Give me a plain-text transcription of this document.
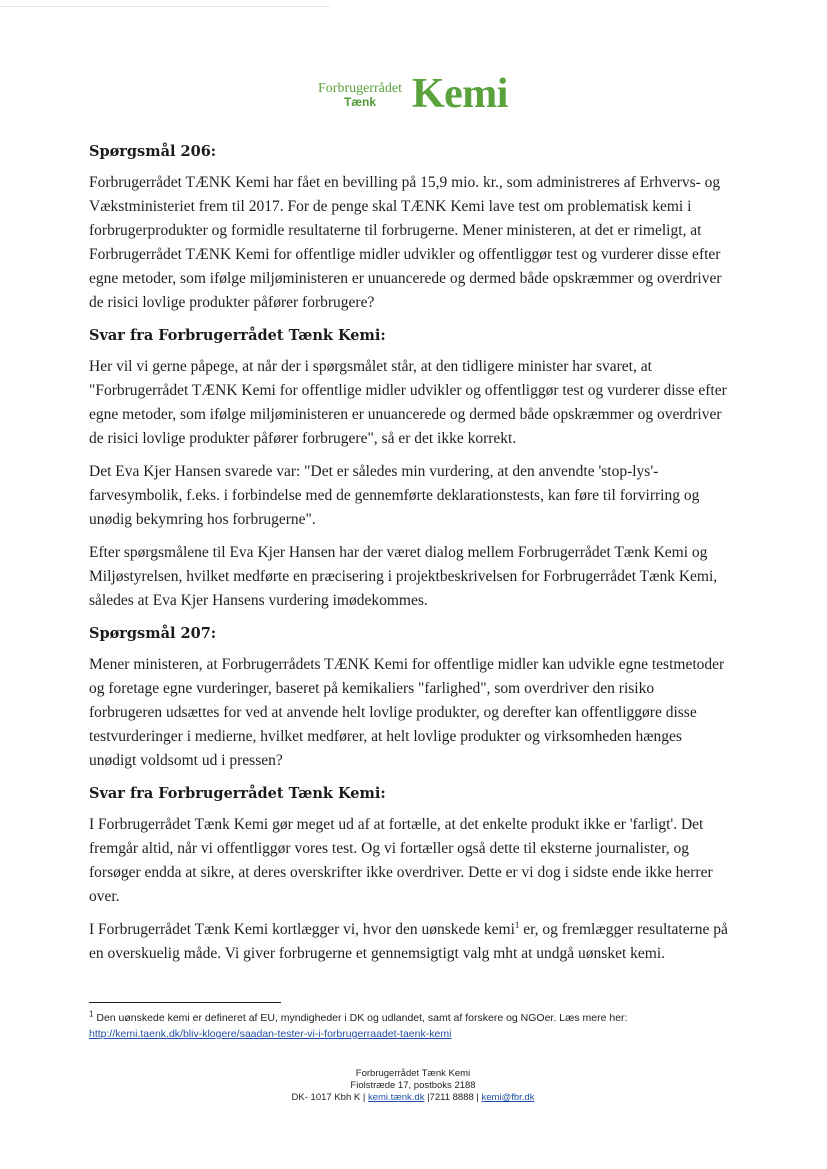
Forbrugerrådet
Tænk Kemi
Spørgsmål 206:

Forbrugerrådet TÆNK Kemi har fået en bevilling på 15,9 mio. kr., som administreres af Erhvervs- og Vækstministeriet frem til 2017. For de penge skal TÆNK Kemi lave test om problematisk kemi i forbrugerprodukter og formidle resultaterne til forbrugerne. Mener ministeren, at det er rimeligt, at Forbrugerrådet TÆNK Kemi for offentlige midler udvikler og offentliggør test og vurderer disse efter egne metoder, som ifølge miljøministeren er unuancerede og dermed både opskræmmer og overdriver de risici lovlige produkter påfører forbrugere?

Svar fra Forbrugerrådet Tænk Kemi:

Her vil vi gerne påpege, at når der i spørgsmålet står, at den tidligere minister har svaret, at "Forbrugerrådet TÆNK Kemi for offentlige midler udvikler og offentliggør test og vurderer disse efter egne metoder, som ifølge miljøministeren er unuancerede og dermed både opskræmmer og overdriver de risici lovlige produkter påfører forbrugere", så er det ikke korrekt.

Det Eva Kjer Hansen svarede var: "Det er således min vurdering, at den anvendte 'stop-lys'-farvesymbolik, f.eks. i forbindelse med de gennemførte deklarationstests, kan føre til forvirring og unødig bekymring hos forbrugerne".

Efter spørgsmålene til Eva Kjer Hansen har der været dialog mellem Forbrugerrådet Tænk Kemi og Miljøstyrelsen, hvilket medførte en præcisering i projektbeskrivelsen for Forbrugerrådet Tænk Kemi, således at Eva Kjer Hansens vurdering imødekommes.

Spørgsmål 207:

Mener ministeren, at Forbrugerrådets TÆNK Kemi for offentlige midler kan udvikle egne testmetoder og foretage egne vurderinger, baseret på kemikaliers "farlighed", som overdriver den risiko forbrugeren udsættes for ved at anvende helt lovlige produkter, og derefter kan offentliggøre disse testvurderinger i medierne, hvilket medfører, at helt lovlige produkter og virksomheden hænges unødigt voldsomt ud i pressen?

Svar fra Forbrugerrådet Tænk Kemi:

I Forbrugerrådet Tænk Kemi gør meget ud af at fortælle, at det enkelte produkt ikke er 'farligt'. Det fremgår altid, når vi offentliggør vores test. Og vi fortæller også dette til eksterne journalister, og forsøger endda at sikre, at deres overskrifter ikke overdriver. Dette er vi dog i sidste ende ikke herrer over.

I Forbrugerrådet Tænk Kemi kortlægger vi, hvor den uønskede kemi$^1$ er, og fremlægger resultaterne på en overskuelig måde. Vi giver forbrugerne et gennemsigtigt valg mht at undgå uønsket kemi.

$^1$ Den uønskede kemi er defineret af EU, myndigheder i DK og udlandet, samt af forskere og NGOer. Læs mere her:
http://kemi.taenk.dk/bliv-klogere/saadan-tester-vi-i-forbrugerraadet-taenk-kemi
Forbrugerrådet Tænk Kemi
Fiolstræde 17, postboks 2188
DK- 1017 Kbh K | kemi.tænk.dk |7211 8888 | kemi@fbr.dk
